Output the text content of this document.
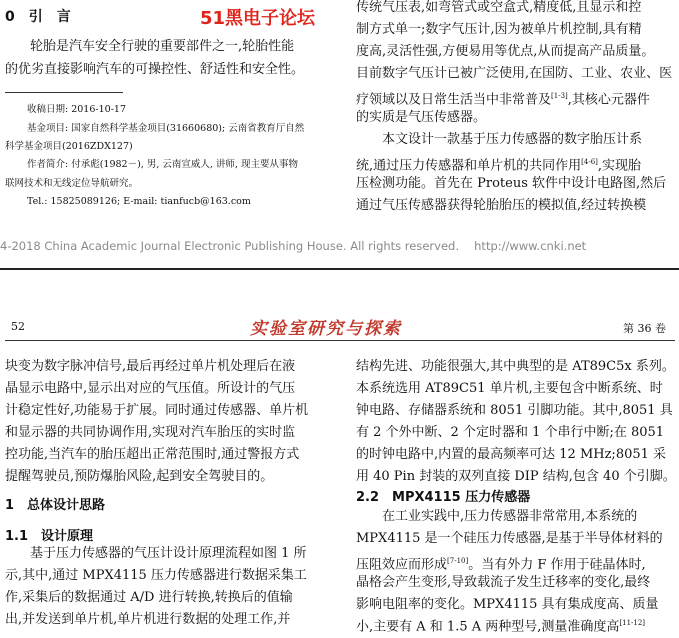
0　引　言	51黑电子论坛
轮胎是汽车安全行驶的重要部件之一,轮胎性能
的优劣直接影响汽车的可操控性、舒适性和安全性。
收稿日期: 2016-10-17
基金项目: 国家自然科学基金项目(31660680); 云南省教育厅自然
科学基金项目(2016ZDX127)
作者简介: 付承彪(1982－), 男, 云南宣威人, 讲师, 现主要从事物
联网技术和无线定位导航研究。
Tel.: 15825089126; E-mail: tianfucb@163.com
传统气压表,如弯管式或空盒式,精度低,且显示和控
制方式单一;数字气压计,因为被单片机控制,具有精
度高,灵活性强,方便易用等优点,从而提高产品质量。
目前数字气压计已被广泛使用,在国防、工业、农业、医
疗领域以及日常生活当中非常普及[1-3],其核心元器件
的实质是气压传感器。
本文设计一款基于压力传感器的数字胎压计系
统,通过压力传感器和单片机的共同作用[4-6],实现胎
压检测功能。首先在 Proteus 软件中设计电路图,然后
通过气压传感器获得轮胎胎压的模拟值,经过转换模
4-2018 China Academic Journal Electronic Publishing House. All rights reserved.　 http://www.cnki.net
52	实验室研究与探索	第 36 卷
块变为数字脉冲信号,最后再经过单片机处理后在液
晶显示电路中,显示出对应的气压值。所设计的气压
计稳定性好,功能易于扩展。同时通过传感器、单片机
和显示器的共同协调作用,实现对汽车胎压的实时监
控功能,当汽车的胎压超出正常范围时,通过警报方式
提醒驾驶员,预防爆胎风险,起到安全驾驶目的。
1　总体设计思路
1.1　设计原理
基于压力传感器的气压计设计原理流程如图 1 所
示,其中,通过 MPX4115 压力传感器进行数据采集工
作,采集后的数据通过 A/D 进行转换,转换后的值输
出,并发送到单片机,单片机进行数据的处理工作,并
结构先进、功能很强大,其中典型的是 AT89C5x 系列。
本系统选用 AT89C51 单片机,主要包含中断系统、时
钟电路、存储器系统和 8051 引脚功能。其中,8051 具
有 2 个外中断、2 个定时器和 1 个串行中断;在 8051
的时钟电路中,内置的最高频率可达 12 MHz;8051 采
用 40 Pin 封装的双列直接 DIP 结构,包含 40 个引脚。
2.2　MPX4115 压力传感器
在工业实践中,压力传感器非常常用,本系统的
MPX4115 是一个硅压力传感器,是基于半导体材料的
压阻效应而形成[7-10]。当有外力 F 作用于硅晶体时,
晶格会产生变形,导致载流子发生迁移率的变化,最终
影响电阻率的变化。MPX4115 具有集成度高、质量
小,主要有 A 和 1.5 A 两种型号,测量准确度高[11-12]
